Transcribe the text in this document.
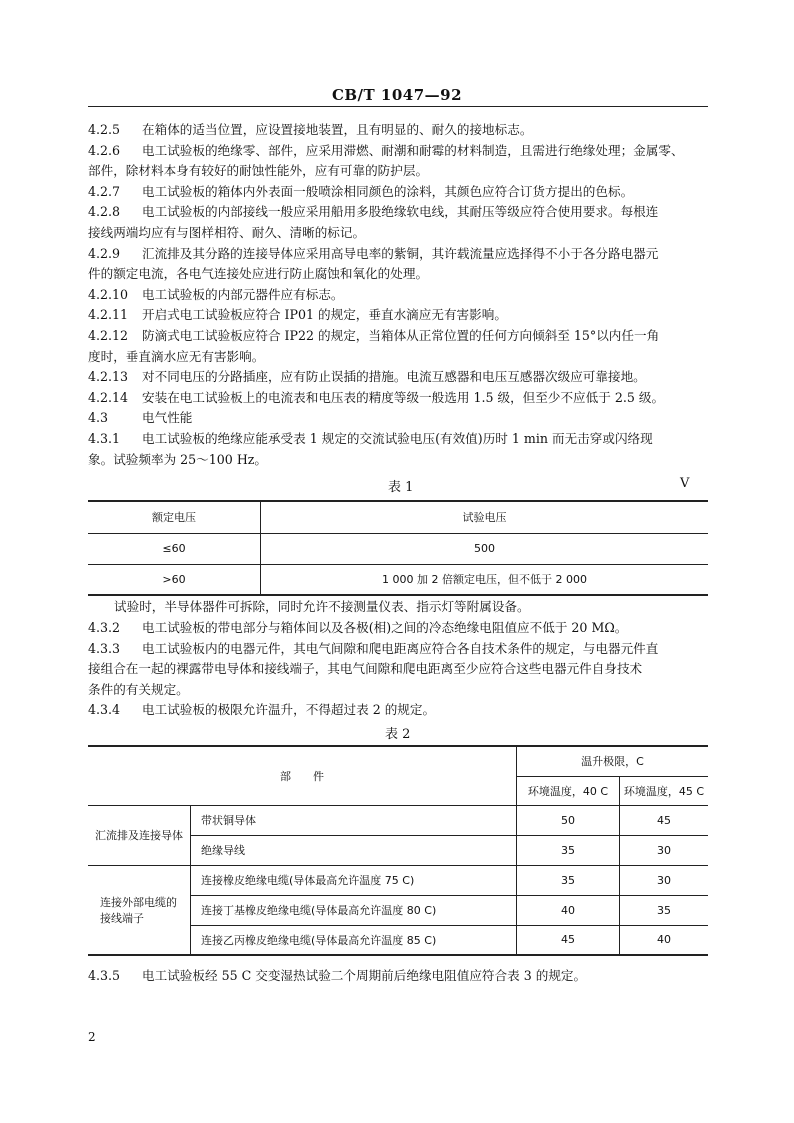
CB/T 1047—92
4.2.5 在箱体的适当位置，应设置接地装置，且有明显的、耐久的接地标志。
4.2.6 电工试验板的绝缘零、部件，应采用滞燃、耐潮和耐霉的材料制造，且需进行绝缘处理；金属零、
部件，除材料本身有较好的耐蚀性能外，应有可靠的防护层。
4.2.7 电工试验板的箱体内外表面一般喷涂相同颜色的涂料，其颜色应符合订货方提出的色标。
4.2.8 电工试验板的内部接线一般应采用船用多股绝缘软电线，其耐压等级应符合使用要求。每根连
接线两端均应有与图样相符、耐久、清晰的标记。
4.2.9 汇流排及其分路的连接导体应采用高导电率的紫铜，其许载流量应选择得不小于各分路电器元
件的额定电流，各电气连接处应进行防止腐蚀和氧化的处理。
4.2.10 电工试验板的内部元器件应有标志。
4.2.11 开启式电工试验板应符合 IP01 的规定，垂直水滴应无有害影响。
4.2.12 防滴式电工试验板应符合 IP22 的规定，当箱体从正常位置的任何方向倾斜至 15°以内任一角
度时，垂直滴水应无有害影响。
4.2.13 对不同电压的分路插座，应有防止误插的措施。电流互感器和电压互感器次级应可靠接地。
4.2.14 安装在电工试验板上的电流表和电压表的精度等级一般选用 1.5 级，但至少不应低于 2.5 级。
4.3	电气性能
4.3.1 电工试验板的绝缘应能承受表 1 规定的交流试验电压(有效值)历时 1 min 而无击穿或闪络现
象。试验频率为 25～100 Hz。
表 1	V
额定电压	试验电压
≤60	500
>60	1 000 加 2 倍额定电压，但不低于 2 000
试验时，半导体器件可拆除，同时允许不接测量仪表、指示灯等附属设备。
4.3.2 电工试验板的带电部分与箱体间以及各极(相)之间的冷态绝缘电阻值应不低于 20 MΩ。
4.3.3 电工试验板内的电器元件，其电气间隙和爬电距离应符合各自技术条件的规定，与电器元件直
接组合在一起的裸露带电导体和接线端子，其电气间隙和爬电距离至少应符合这些电器元件自身技术
条件的有关规定。
4.3.4 电工试验板的极限允许温升，不得超过表 2 的规定。
表 2
部　　件		温升极限，C	
		环境温度，40 C	环境温度，45 C
汇流排及连接导体	带状铜导体	50	45
	绝缘导线	35	30
连接外部电缆的接线端子	连接橡皮绝缘电缆(导体最高允许温度 75 C)	35	30
	连接丁基橡皮绝缘电缆(导体最高允许温度 80 C)	40	35
	连接乙丙橡皮绝缘电缆(导体最高允许温度 85 C)	45	40
4.3.5 电工试验板经 55 C 交变湿热试验二个周期前后绝缘电阻值应符合表 3 的规定。
2
